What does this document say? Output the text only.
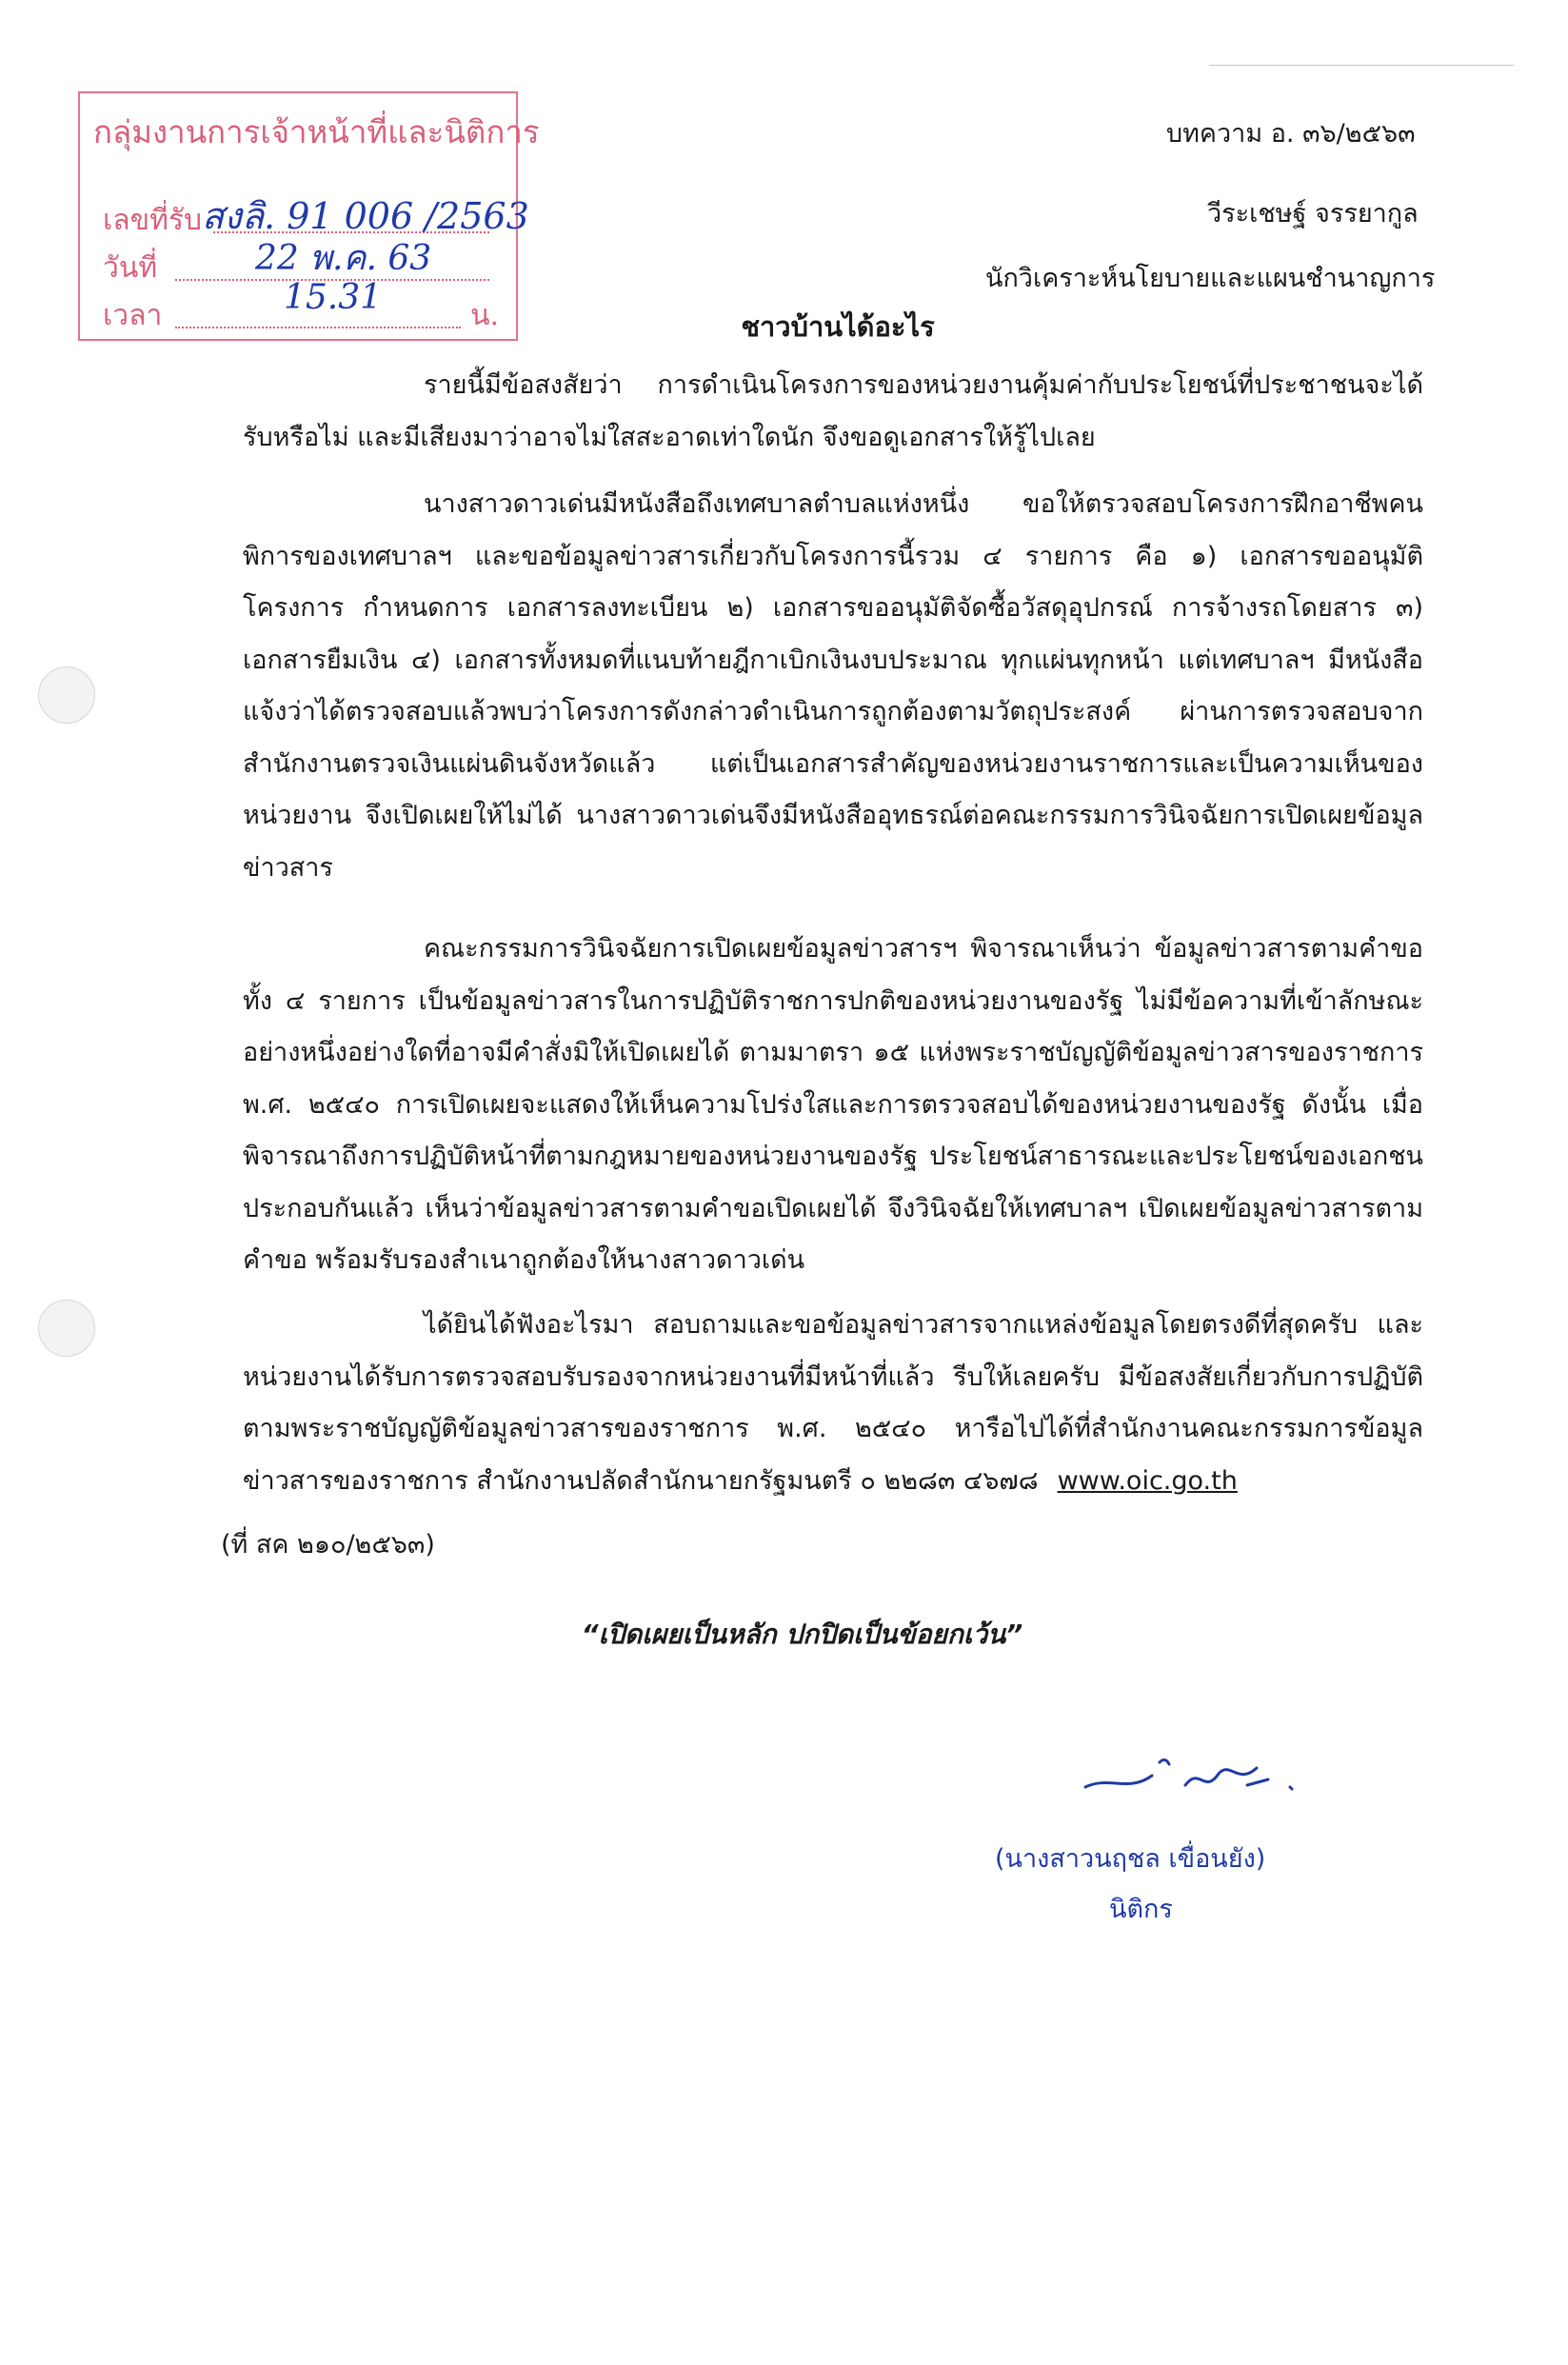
กลุ่มงานการเจ้าหน้าที่และนิติการ
เลขที่รับ
วันที่
เวลา	น.
สงลิ. 91 006 /2563
22 พ.ค. 63
15.31
บทความ อ. ๓๖/๒๕๖๓
วีระเชษฐ์ จรรยากูล
นักวิเคราะห์นโยบายและแผนชำนาญการ
ชาวบ้านได้อะไร
รายนี้มีข้อสงสัยว่า การดำเนินโครงการของหน่วยงานคุ้มค่ากับประโยชน์ที่ประชาชนจะได้รับหรือไม่ และมีเสียงมาว่าอาจไม่ใสสะอาดเท่าใดนัก จึงขอดูเอกสารให้รู้ไปเลย
นางสาวดาวเด่นมีหนังสือถึงเทศบาลตำบลแห่งหนึ่ง ขอให้ตรวจสอบโครงการฝึกอาชีพคนพิการของเทศบาลฯ และขอข้อมูลข่าวสารเกี่ยวกับโครงการนี้รวม ๔ รายการ คือ ๑) เอกสารขออนุมัติโครงการ กำหนดการ เอกสารลงทะเบียน ๒) เอกสารขออนุมัติจัดซื้อวัสดุอุปกรณ์ การจ้างรถโดยสาร ๓) เอกสารยืมเงิน ๔) เอกสารทั้งหมดที่แนบท้ายฎีกาเบิกเงินงบประมาณ ทุกแผ่นทุกหน้า แต่เทศบาลฯ มีหนังสือแจ้งว่าได้ตรวจสอบแล้วพบว่าโครงการดังกล่าวดำเนินการถูกต้องตามวัตถุประสงค์ ผ่านการตรวจสอบจากสำนักงานตรวจเงินแผ่นดินจังหวัดแล้ว แต่เป็นเอกสารสำคัญของหน่วยงานราชการและเป็นความเห็นของหน่วยงาน จึงเปิดเผยให้ไม่ได้ นางสาวดาวเด่นจึงมีหนังสืออุทธรณ์ต่อคณะกรรมการวินิจฉัยการเปิดเผยข้อมูลข่าวสาร
คณะกรรมการวินิจฉัยการเปิดเผยข้อมูลข่าวสารฯ พิจารณาเห็นว่า ข้อมูลข่าวสารตามคำขอทั้ง ๔ รายการ เป็นข้อมูลข่าวสารในการปฏิบัติราชการปกติของหน่วยงานของรัฐ ไม่มีข้อความที่เข้าลักษณะอย่างหนึ่งอย่างใดที่อาจมีคำสั่งมิให้เปิดเผยได้ ตามมาตรา ๑๕ แห่งพระราชบัญญัติข้อมูลข่าวสารของราชการ พ.ศ. ๒๕๔๐ การเปิดเผยจะแสดงให้เห็นความโปร่งใสและการตรวจสอบได้ของหน่วยงานของรัฐ ดังนั้น เมื่อพิจารณาถึงการปฏิบัติหน้าที่ตามกฎหมายของหน่วยงานของรัฐ ประโยชน์สาธารณะและประโยชน์ของเอกชนประกอบกันแล้ว เห็นว่าข้อมูลข่าวสารตามคำขอเปิดเผยได้ จึงวินิจฉัยให้เทศบาลฯ เปิดเผยข้อมูลข่าวสารตามคำขอ พร้อมรับรองสำเนาถูกต้องให้นางสาวดาวเด่น
ได้ยินได้ฟังอะไรมา สอบถามและขอข้อมูลข่าวสารจากแหล่งข้อมูลโดยตรงดีที่สุดครับ และหน่วยงานได้รับการตรวจสอบรับรองจากหน่วยงานที่มีหน้าที่แล้ว รีบให้เลยครับ มีข้อสงสัยเกี่ยวกับการปฏิบัติตามพระราชบัญญัติข้อมูลข่าวสารของราชการ พ.ศ. ๒๕๔๐ หารือไปได้ที่สำนักงานคณะกรรมการข้อมูลข่าวสารของราชการ สำนักงานปลัดสำนักนายกรัฐมนตรี ๐ ๒๒๘๓ ๔๖๗๘ www.oic.go.th
(ที่ สค ๒๑๐/๒๕๖๓)
“เปิดเผยเป็นหลัก ปกปิดเป็นข้อยกเว้น”
(นางสาวนฤชล เขื่อนยัง)
นิติกร
